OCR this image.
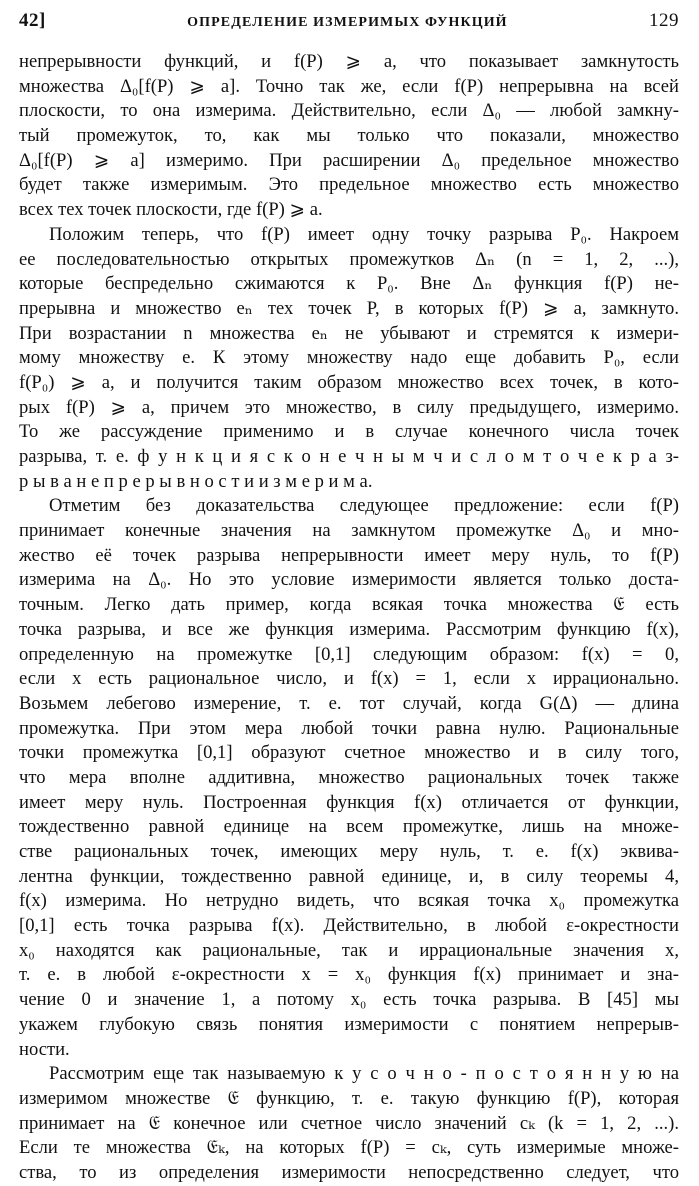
42]	ОПРЕДЕЛЕНИЕ ИЗМЕРИМЫХ ФУНКЦИЙ	129
непрерывности функций, и f(P) ⩾ a, что показывает замкнутость
множества Δ₀[f(P) ⩾ a]. Точно так же, если f(P) непрерывна на всей
плоскости, то она измерима. Действительно, если Δ₀ — любой замкну-
тый промежуток, то, как мы только что показали, множество
Δ₀[f(P) ⩾ a] измеримо. При расширении Δ₀ предельное множество
будет также измеримым. Это предельное множество есть множество
всех тех точек плоскости, где f(P) ⩾ a.
Положим теперь, что f(P) имеет одну точку разрыва P₀. Накроем
ее последовательностью открытых промежутков Δₙ (n = 1, 2, ...),
которые беспредельно сжимаются к P₀. Вне Δₙ функция f(P) не-
прерывна и множество eₙ тех точек P, в которых f(P) ⩾ a, замкнуто.
При возрастании n множества eₙ не убывают и стремятся к измери-
мому множеству e. К этому множеству надо еще добавить P₀, если
f(P₀) ⩾ a, и получится таким образом множество всех точек, в кото-
рых f(P) ⩾ a, причем это множество, в силу предыдущего, измеримо.
То же рассуждение применимо и в случае конечного числа точек
разрыва, т. е. ф у н к ц и я с к о н е ч н ы м ч и с л о м т о ч е к р а з-
р ы в а н е п р е р ы в н о с т и и з м е р и м а.
Отметим без доказательства следующее предложение: если f(P)
принимает конечные значения на замкнутом промежутке Δ₀ и мно-
жество её точек разрыва непрерывности имеет меру нуль, то f(P)
измерима на Δ₀. Но это условие измеримости является только доста-
точным. Легко дать пример, когда всякая точка множества 𝔈 есть
точка разрыва, и все же функция измерима. Рассмотрим функцию f(x),
определенную на промежутке [0,1] следующим образом: f(x) = 0,
если x есть рациональное число, и f(x) = 1, если x иррационально.
Возьмем лебегово измерение, т. е. тот случай, когда G(Δ) — длина
промежутка. При этом мера любой точки равна нулю. Рациональные
точки промежутка [0,1] образуют счетное множество и в силу того,
что мера вполне аддитивна, множество рациональных точек также
имеет меру нуль. Построенная функция f(x) отличается от функции,
тождественно равной единице на всем промежутке, лишь на множе-
стве рациональных точек, имеющих меру нуль, т. е. f(x) эквива-
лентна функции, тождественно равной единице, и, в силу теоремы 4,
f(x) измерима. Но нетрудно видеть, что всякая точка x₀ промежутка
[0,1] есть точка разрыва f(x). Действительно, в любой ε-окрестности
x₀ находятся как рациональные, так и иррациональные значения x,
т. е. в любой ε-окрестности x = x₀ функция f(x) принимает и зна-
чение 0 и значение 1, а потому x₀ есть точка разрыва. В [45] мы
укажем глубокую связь понятия измеримости с понятием непрерыв-
ности.
Рассмотрим еще так называемую к у с о ч н о - п о с т о я н н у ю на
измеримом множестве 𝔈 функцию, т. е. такую функцию f(P), которая
принимает на 𝔈 конечное или счетное число значений cₖ (k = 1, 2, ...).
Если те множества 𝔈ₖ, на которых f(P) = cₖ, суть измеримые множе-
ства, то из определения измеримости непосредственно следует, что
